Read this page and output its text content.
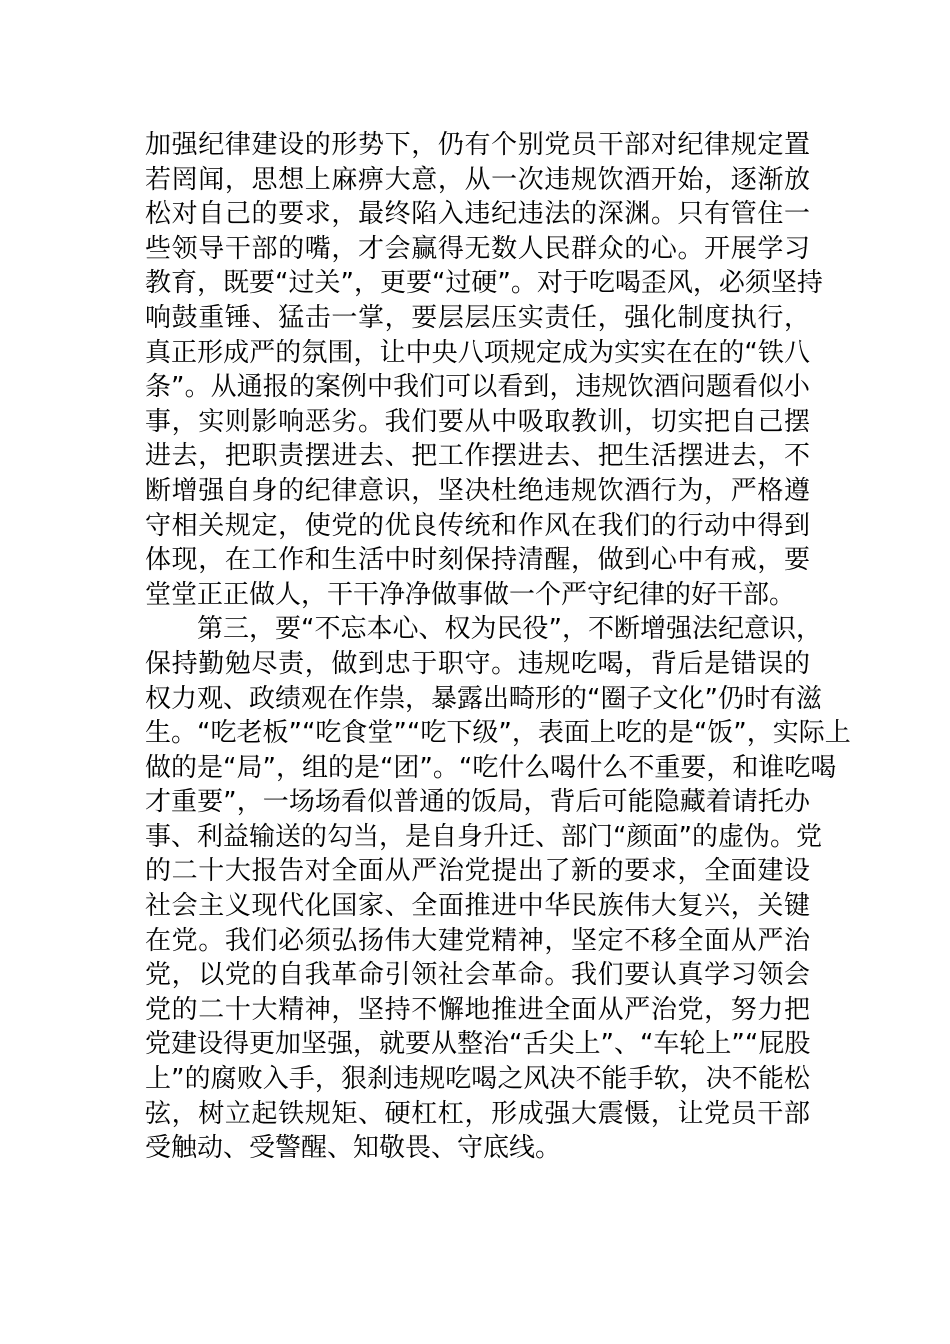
加强纪律建设的形势下，仍有个别党员干部对纪律规定置
若罔闻，思想上麻痹大意，从一次违规饮酒开始，逐渐放
松对自己的要求，最终陷入违纪违法的深渊。只有管住一
些领导干部的嘴，才会赢得无数人民群众的心。开展学习
教育，既要“过关”，更要“过硬”。对于吃喝歪风，必须坚持
响鼓重锤、猛击一掌，要层层压实责任，强化制度执行，
真正形成严的氛围，让中央八项规定成为实实在在的“铁八
条”。从通报的案例中我们可以看到，违规饮酒问题看似小
事，实则影响恶劣。我们要从中吸取教训，切实把自己摆
进去，把职责摆进去、把工作摆进去、把生活摆进去，不
断增强自身的纪律意识，坚决杜绝违规饮酒行为，严格遵
守相关规定，使党的优良传统和作风在我们的行动中得到
体现，在工作和生活中时刻保持清醒，做到心中有戒，要
堂堂正正做人，干干净净做事做一个严守纪律的好干部。
　　第三，要“不忘本心、权为民役”，不断增强法纪意识，
保持勤勉尽责，做到忠于职守。违规吃喝，背后是错误的
权力观、政绩观在作祟，暴露出畸形的“圈子文化”仍时有滋
生。“吃老板”“吃食堂”“吃下级”，表面上吃的是“饭”，实际上
做的是“局”，组的是“团”。“吃什么喝什么不重要，和谁吃喝
才重要”，一场场看似普通的饭局，背后可能隐藏着请托办
事、利益输送的勾当，是自身升迁、部门“颜面”的虚伪。党
的二十大报告对全面从严治党提出了新的要求，全面建设
社会主义现代化国家、全面推进中华民族伟大复兴，关键
在党。我们必须弘扬伟大建党精神，坚定不移全面从严治
党，以党的自我革命引领社会革命。我们要认真学习领会
党的二十大精神，坚持不懈地推进全面从严治党，努力把
党建设得更加坚强，就要从整治“舌尖上”、“车轮上”“屁股
上”的腐败入手，狠刹违规吃喝之风决不能手软，决不能松
弦，树立起铁规矩、硬杠杠，形成强大震慑，让党员干部
受触动、受警醒、知敬畏、守底线。
